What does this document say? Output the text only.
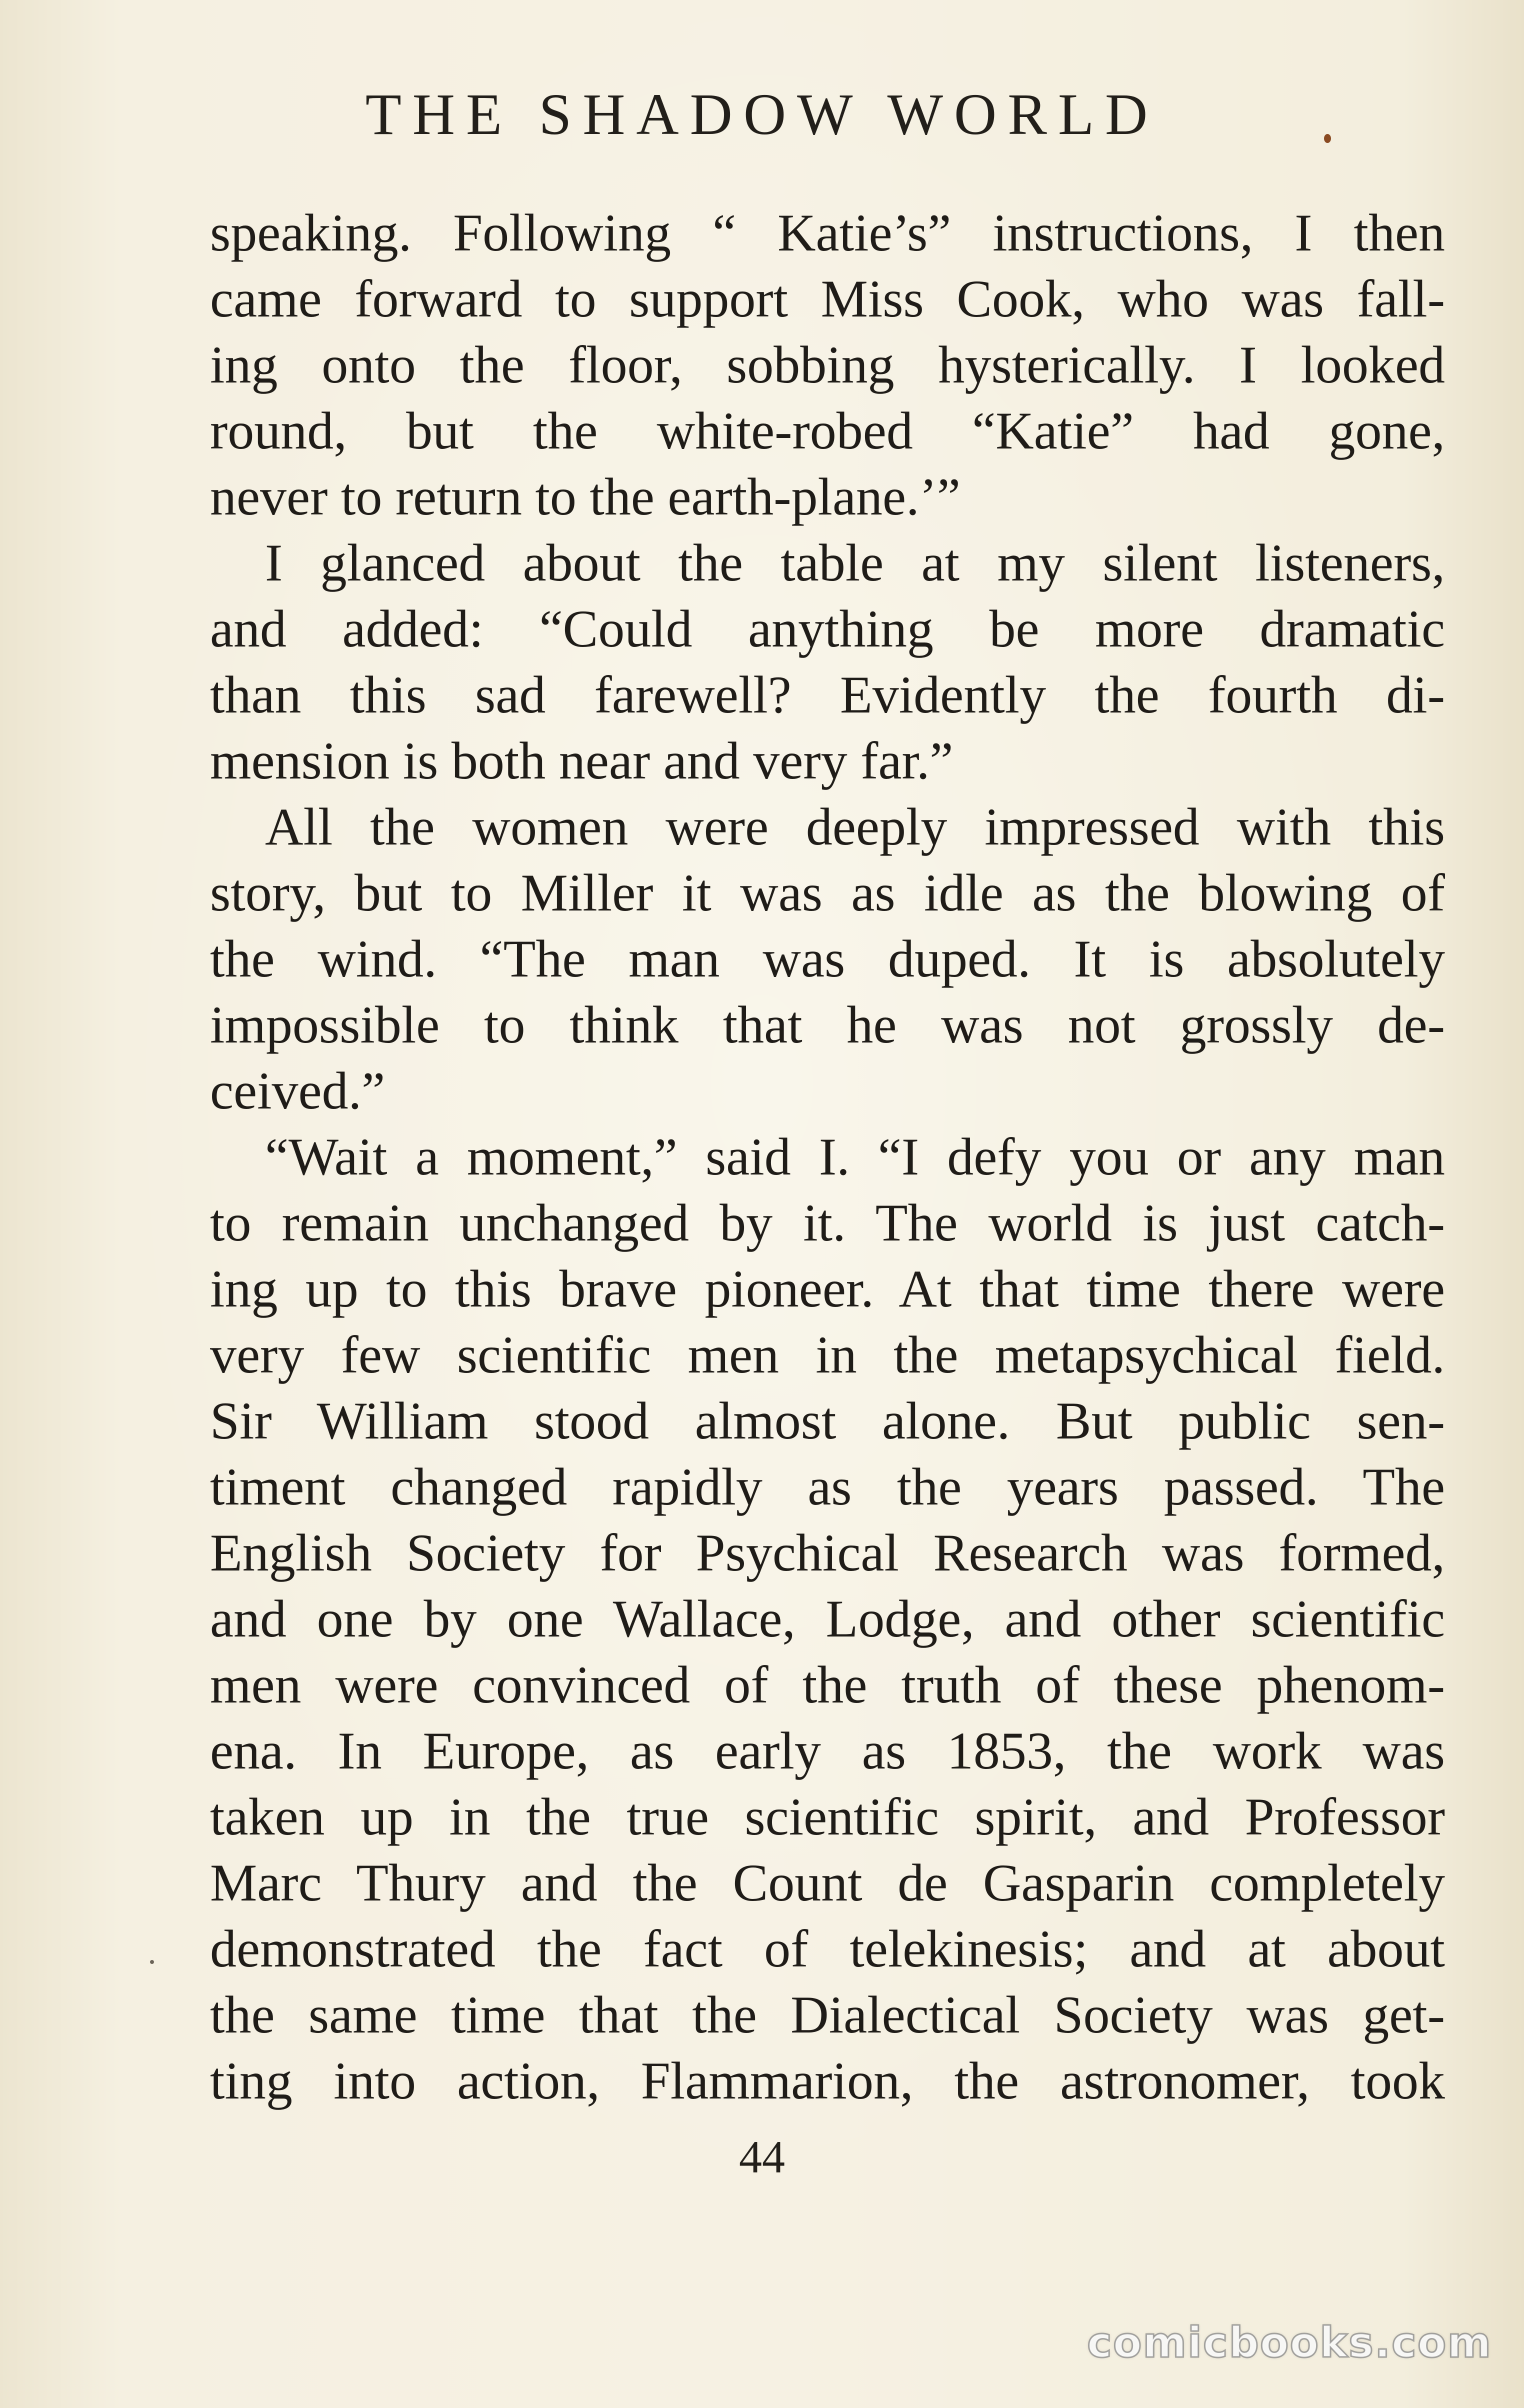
THE SHADOW WORLD
speaking. Following “ Katie’s” instructions, I then
came forward to support Miss Cook, who was fall-
ing onto the floor, sobbing hysterically. I looked
round, but the white-robed “Katie” had gone,
never to return to the earth-plane.’”
I glanced about the table at my silent listeners,
and added: “Could anything be more dramatic
than this sad farewell? Evidently the fourth di-
mension is both near and very far.”
All the women were deeply impressed with this
story, but to Miller it was as idle as the blowing of
the wind. “The man was duped. It is absolutely
impossible to think that he was not grossly de-
ceived.”
“Wait a moment,” said I. “I defy you or any man
to remain unchanged by it. The world is just catch-
ing up to this brave pioneer. At that time there were
very few scientific men in the metapsychical field.
Sir William stood almost alone. But public sen-
timent changed rapidly as the years passed. The
English Society for Psychical Research was formed,
and one by one Wallace, Lodge, and other scientific
men were convinced of the truth of these phenom-
ena. In Europe, as early as 1853, the work was
taken up in the true scientific spirit, and Professor
Marc Thury and the Count de Gasparin completely
demonstrated the fact of telekinesis; and at about
the same time that the Dialectical Society was get-
ting into action, Flammarion, the astronomer, took
44
comicbooks.com
